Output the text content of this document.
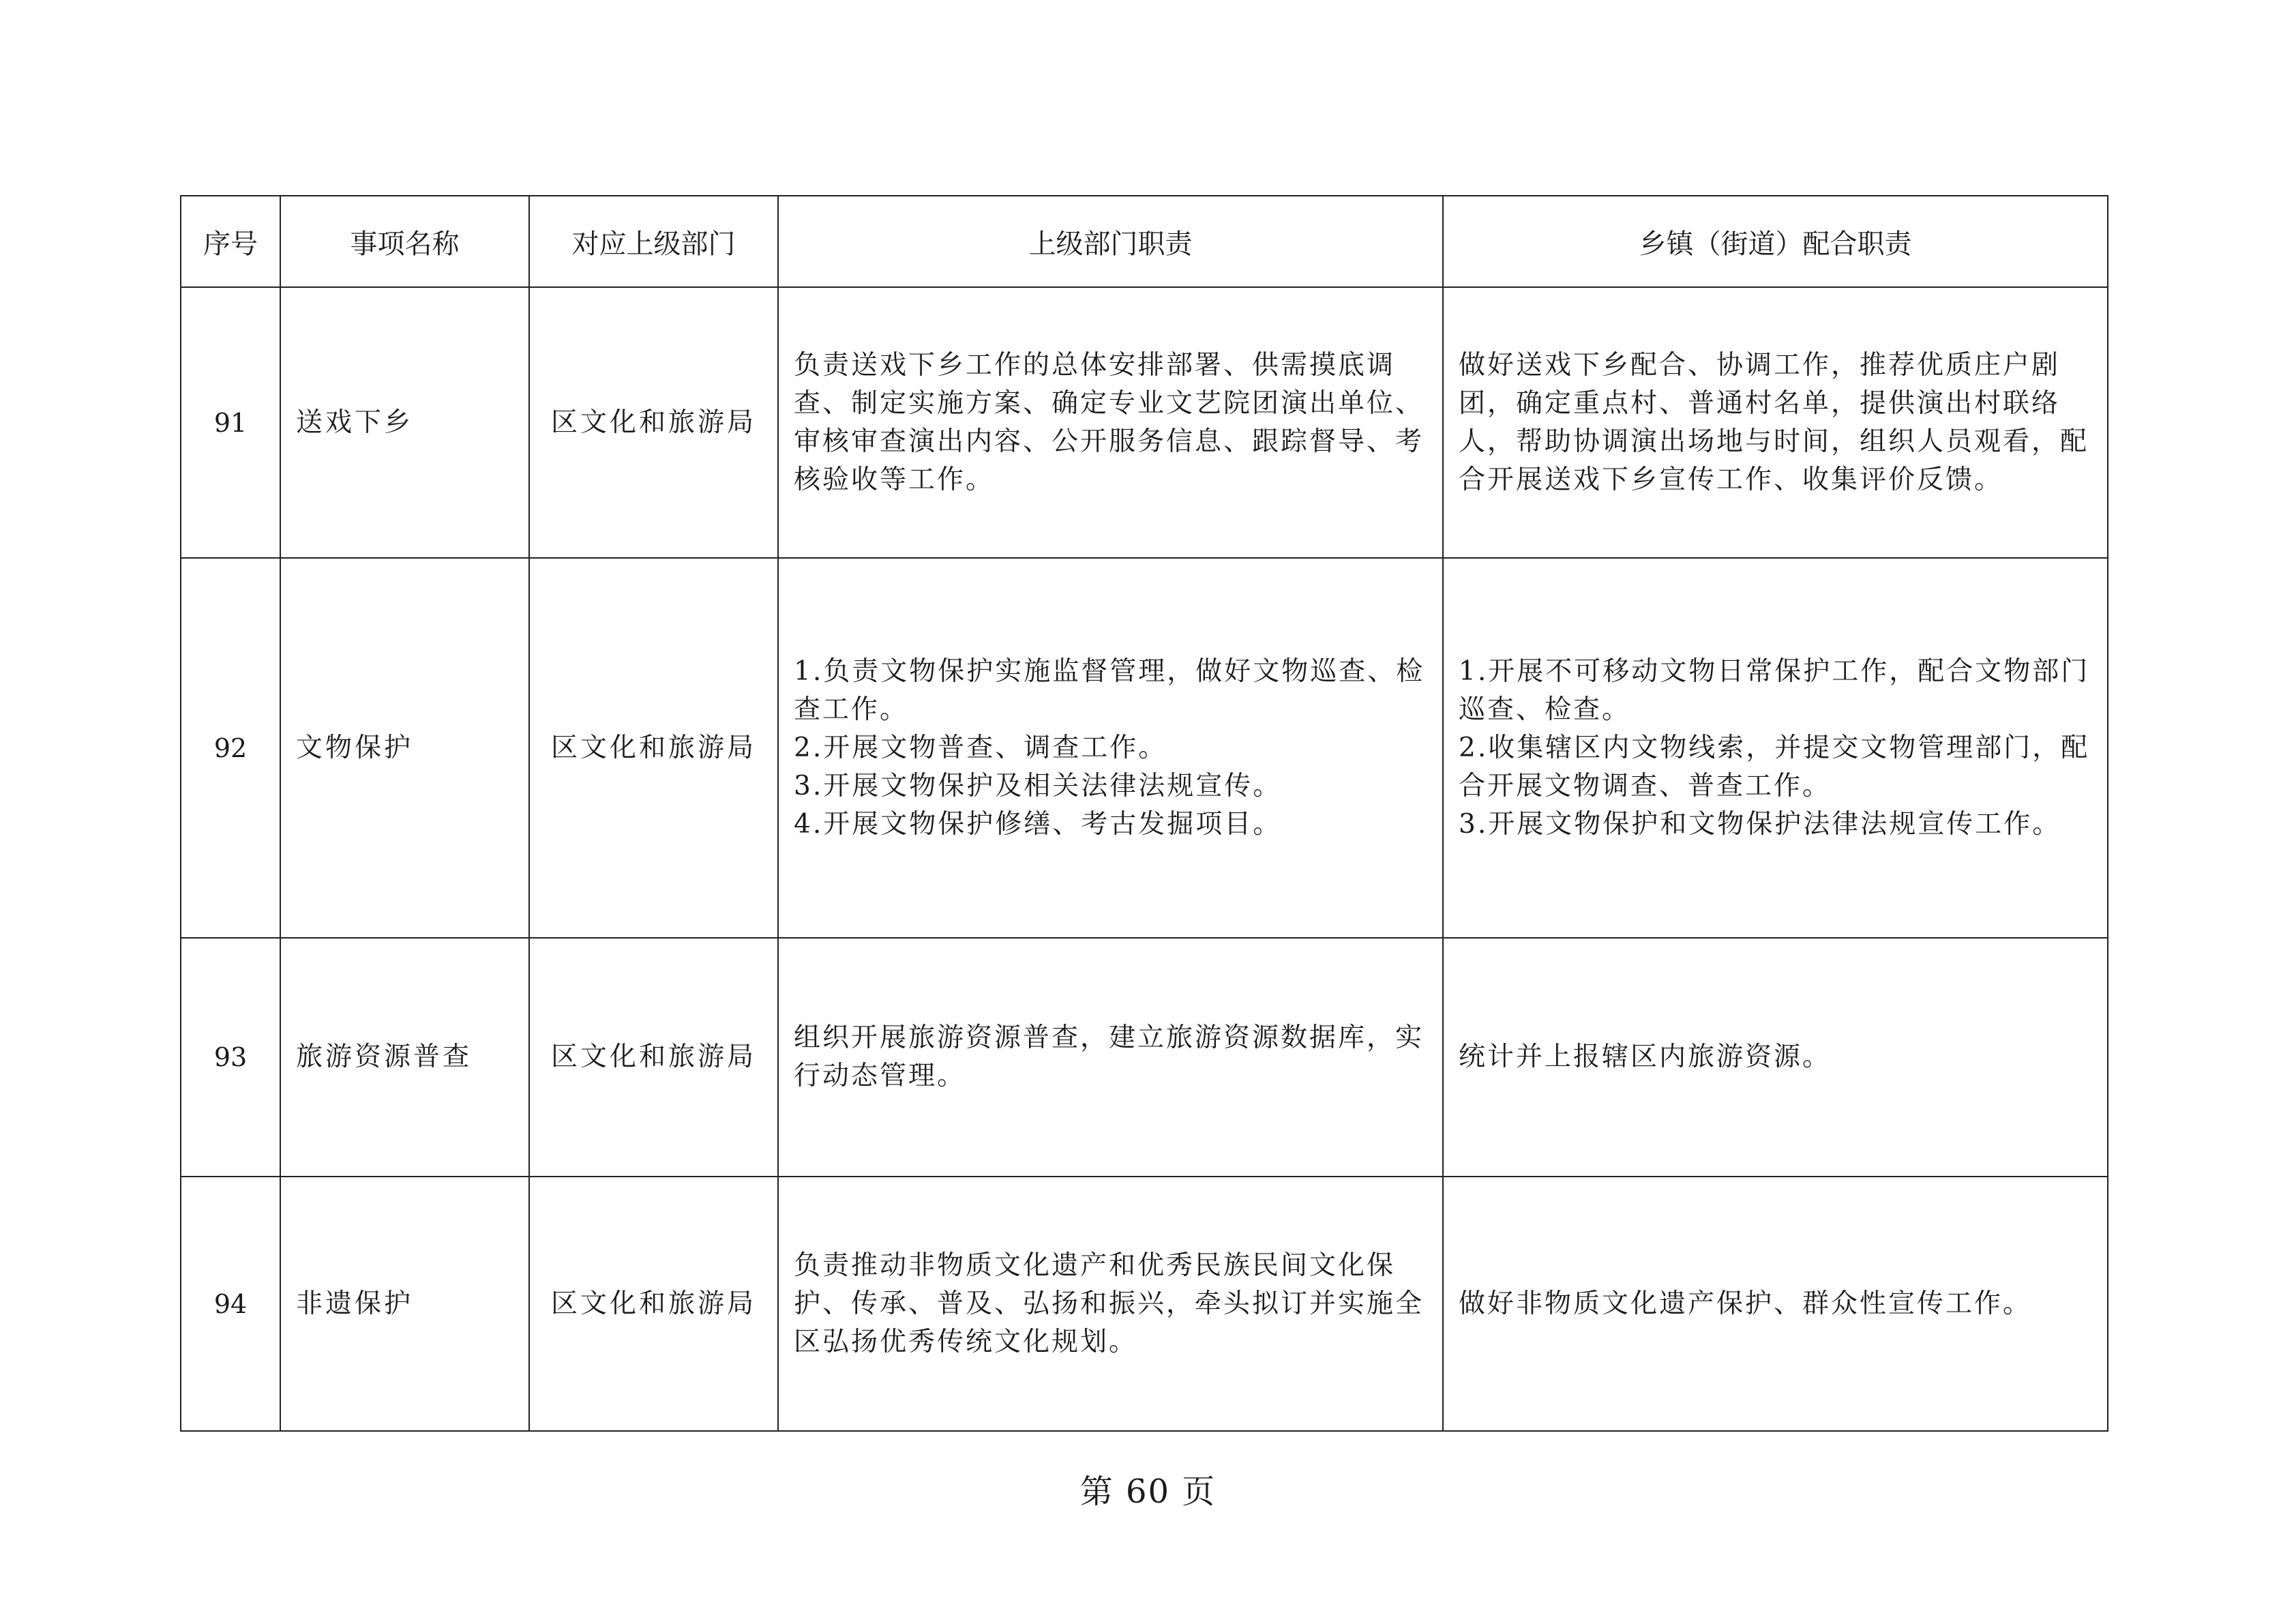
序号	事项名称	对应上级部门	上级部门职责	乡镇（街道）配合职责
91	送戏下乡	区文化和旅游局	负责送戏下乡工作的总体安排部署、供需摸底调查、制定实施方案、确定专业文艺院团演出单位、审核审查演出内容、公开服务信息、跟踪督导、考核验收等工作。	做好送戏下乡配合、协调工作，推荐优质庄户剧团，确定重点村、普通村名单，提供演出村联络人，帮助协调演出场地与时间，组织人员观看，配合开展送戏下乡宣传工作、收集评价反馈。

92	文物保护	区文化和旅游局	1.负责文物保护实施监督管理，做好文物巡查、检查工作。
2.开展文物普查、调查工作。
3.开展文物保护及相关法律法规宣传。
4.开展文物保护修缮、考古发掘项目。	1.开展不可移动文物日常保护工作，配合文物部门巡查、检查。
2.收集辖区内文物线索，并提交文物管理部门，配合开展文物调查、普查工作。
3.开展文物保护和文物保护法律法规宣传工作。

93	旅游资源普查	区文化和旅游局	组织开展旅游资源普查，建立旅游资源数据库，实行动态管理。	统计并上报辖区内旅游资源。

94	非遗保护	区文化和旅游局	负责推动非物质文化遗产和优秀民族民间文化保护、传承、普及、弘扬和振兴，牵头拟订并实施全区弘扬优秀传统文化规划。	做好非物质文化遗产保护、群众性宣传工作。
第 60 页
